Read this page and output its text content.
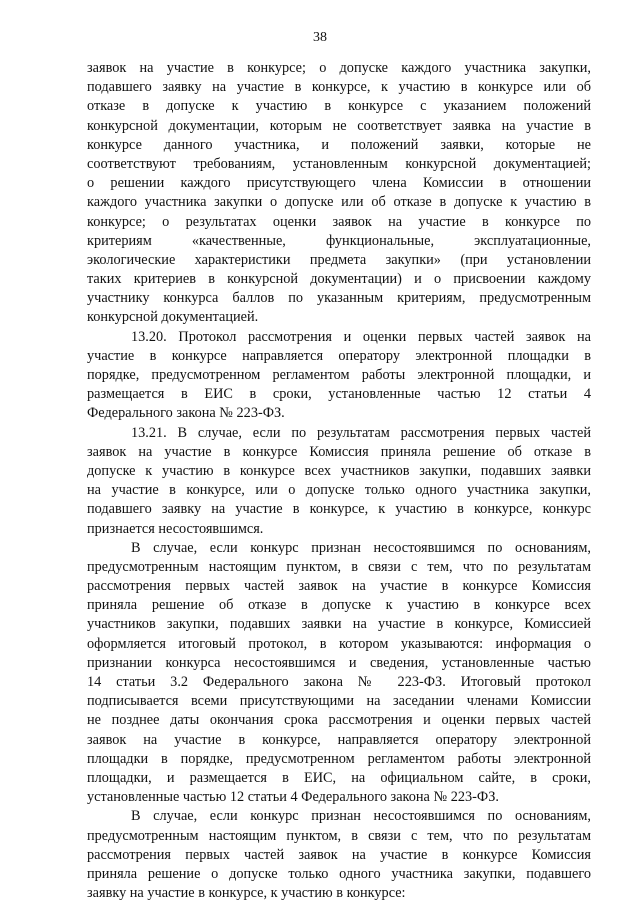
38
заявок на участие в конкурсе; о допуске каждого участника закупки,
подавшего заявку на участие в конкурсе, к участию в конкурсе или об
отказе в допуске к участию в конкурсе с указанием положений
конкурсной документации, которым не соответствует заявка на участие в
конкурсе данного участника, и положений заявки, которые не
соответствуют требованиям, установленным конкурсной документацией;
о решении каждого присутствующего члена Комиссии в отношении
каждого участника закупки о допуске или об отказе в допуске к участию в
конкурсе; о результатах оценки заявок на участие в конкурсе по
критериям «качественные, функциональные, эксплуатационные,
экологические характеристики предмета закупки» (при установлении
таких критериев в конкурсной документации) и о присвоении каждому
участнику конкурса баллов по указанным критериям, предусмотренным
конкурсной документацией.
13.20. Протокол рассмотрения и оценки первых частей заявок на
участие в конкурсе направляется оператору электронной площадки в
порядке, предусмотренном регламентом работы электронной площадки, и
размещается в ЕИС в сроки, установленные частью 12 статьи 4
Федерального закона № 223-ФЗ.
13.21. В случае, если по результатам рассмотрения первых частей
заявок на участие в конкурсе Комиссия приняла решение об отказе в
допуске к участию в конкурсе всех участников закупки, подавших заявки
на участие в конкурсе, или о допуске только одного участника закупки,
подавшего заявку на участие в конкурсе, к участию в конкурсе, конкурс
признается несостоявшимся.
В случае, если конкурс признан несостоявшимся по основаниям,
предусмотренным настоящим пунктом, в связи с тем, что по результатам
рассмотрения первых частей заявок на участие в конкурсе Комиссия
приняла решение об отказе в допуске к участию в конкурсе всех
участников закупки, подавших заявки на участие в конкурсе, Комиссией
оформляется итоговый протокол, в котором указываются: информация о
признании конкурса несостоявшимся и сведения, установленные частью
14 статьи 3.2 Федерального закона № 223-ФЗ. Итоговый протокол
подписывается всеми присутствующими на заседании членами Комиссии
не позднее даты окончания срока рассмотрения и оценки первых частей
заявок на участие в конкурсе, направляется оператору электронной
площадки в порядке, предусмотренном регламентом работы электронной
площадки, и размещается в ЕИС, на официальном сайте, в сроки,
установленные частью 12 статьи 4 Федерального закона № 223-ФЗ.
В случае, если конкурс признан несостоявшимся по основаниям,
предусмотренным настоящим пунктом, в связи с тем, что по результатам
рассмотрения первых частей заявок на участие в конкурсе Комиссия
приняла решение о допуске только одного участника закупки, подавшего
заявку на участие в конкурсе, к участию в конкурсе:
